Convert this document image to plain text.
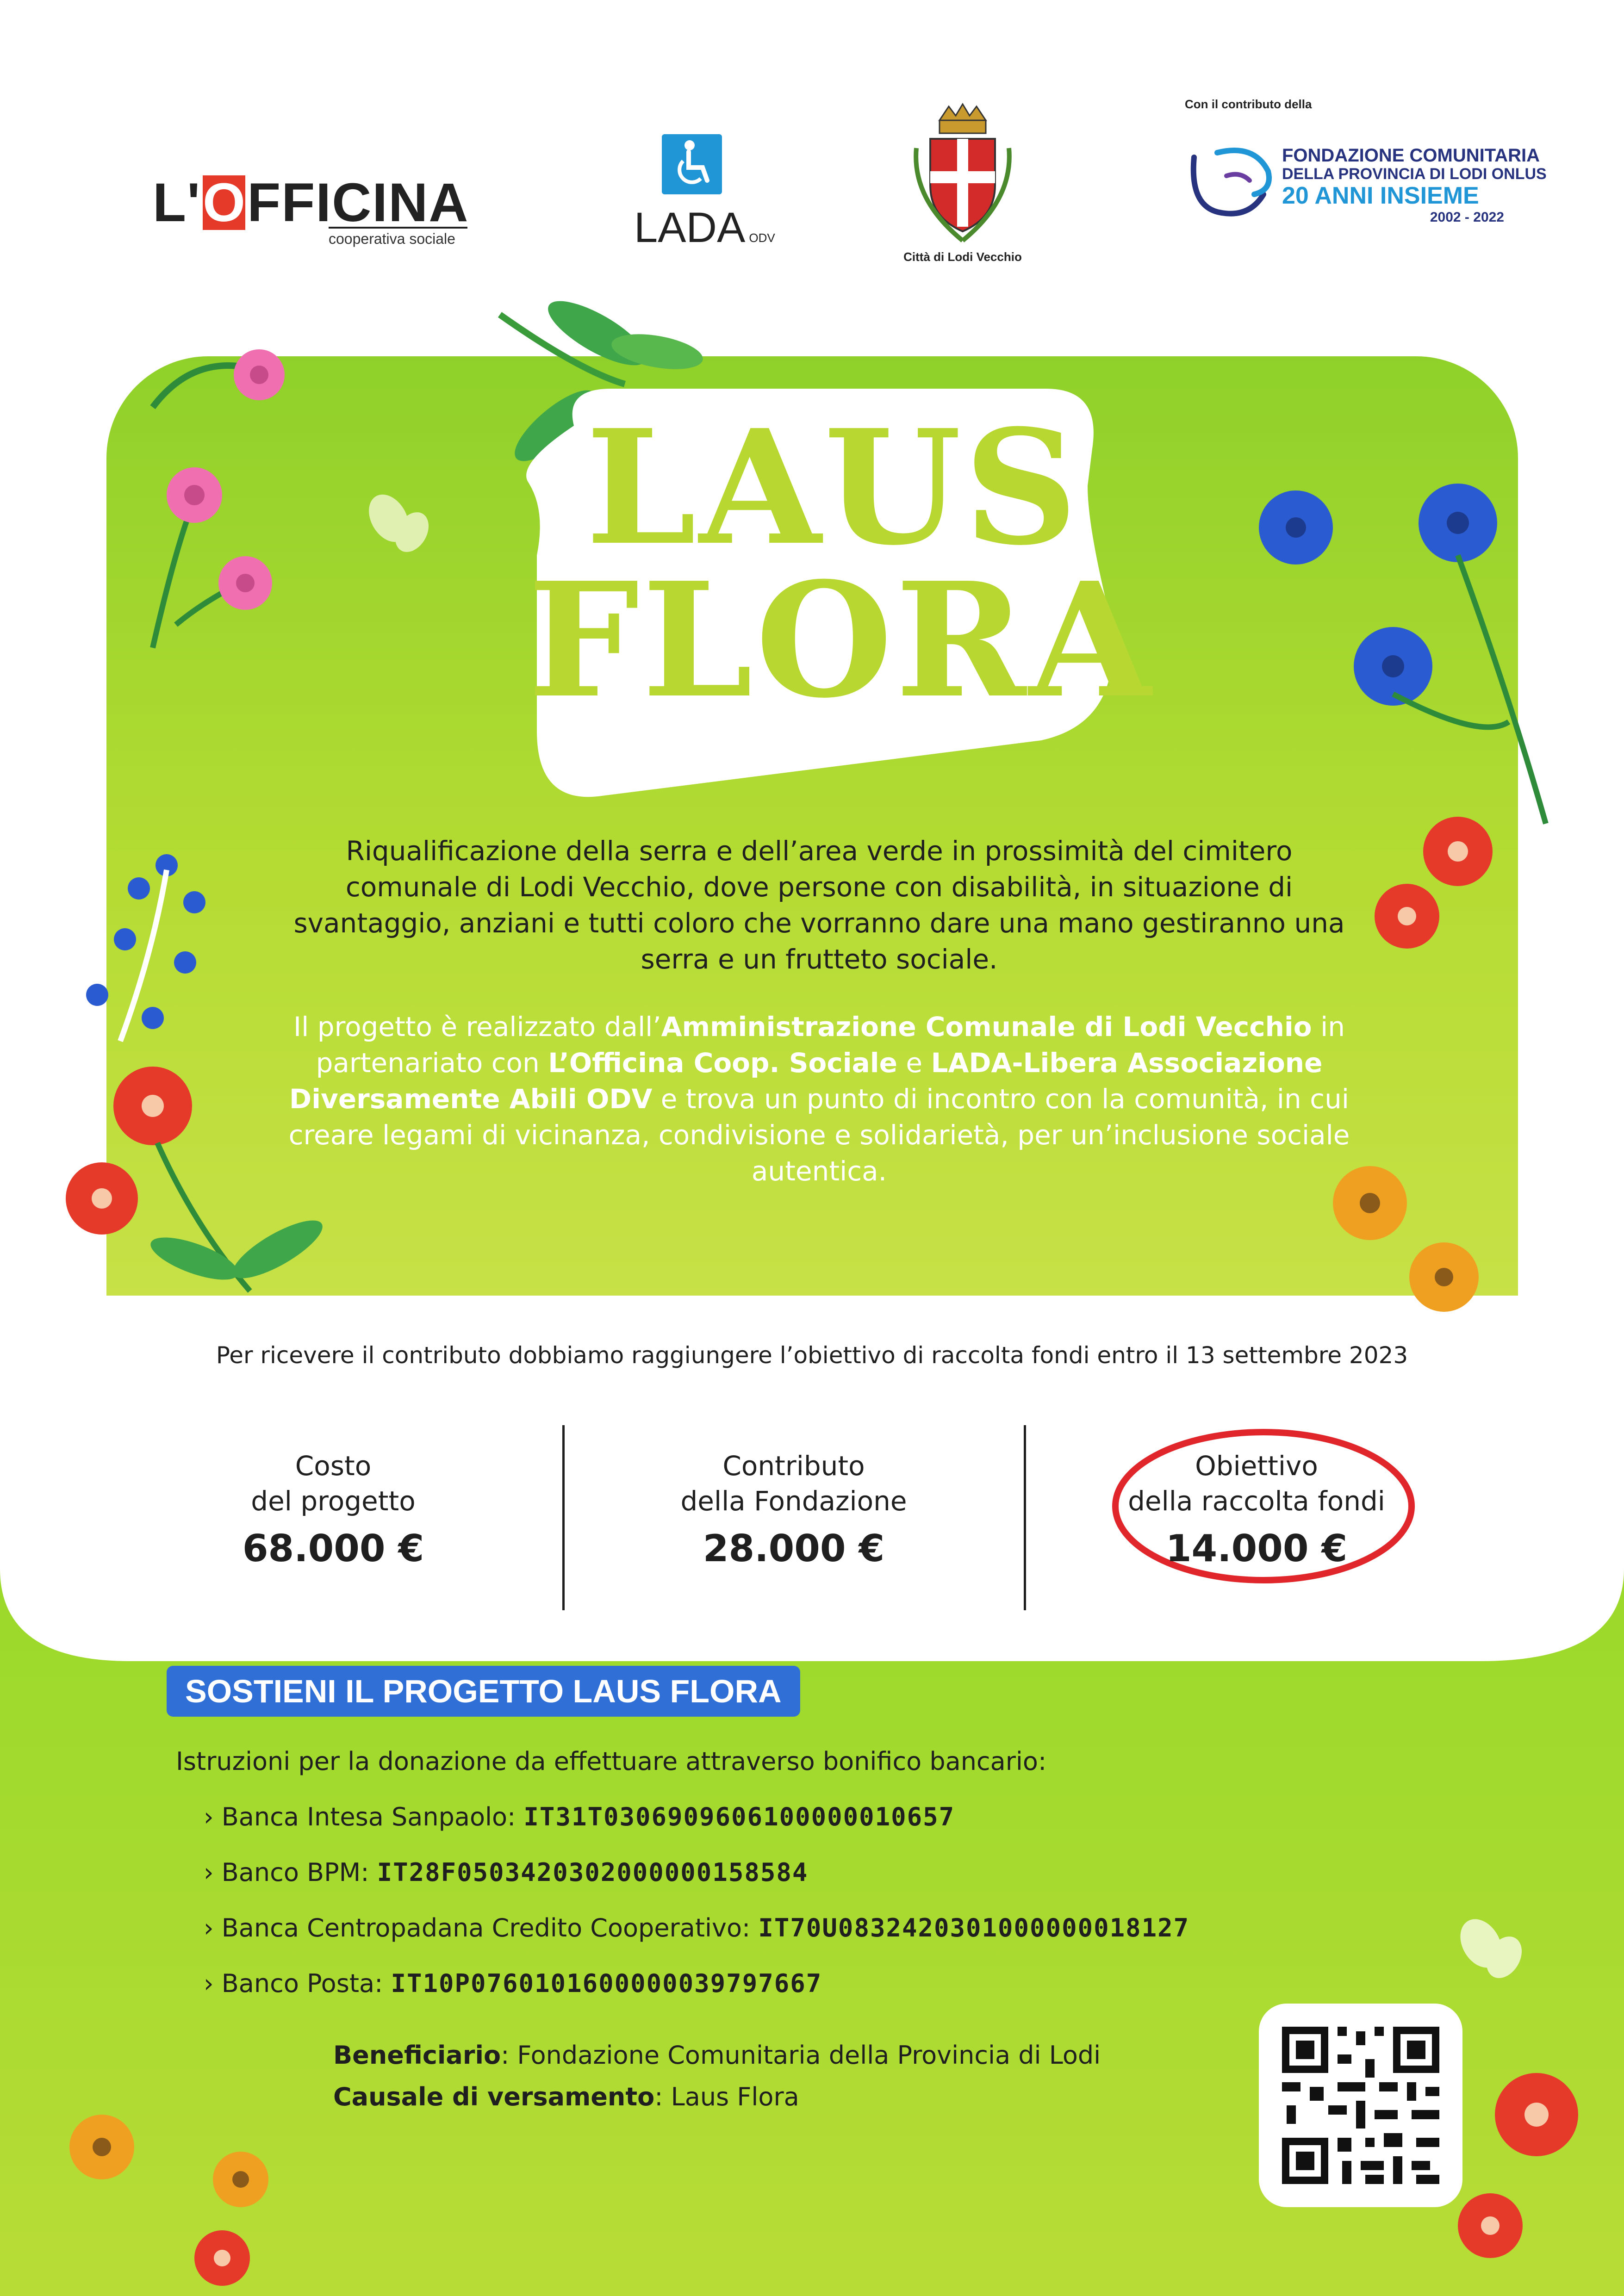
L'OFFICINA
cooperativa sociale	LADA ODV
Città di Lodi Vecchio
Con il contributo della
FONDAZIONE COMUNITARIA
DELLA PROVINCIA DI LODI ONLUS
20 ANNI INSIEME
2002 - 2022
LAUS
FLORA
Riqualificazione della serra e dell’area verde in prossimità del cimitero comunale di Lodi Vecchio, dove persone con disabilità, in situazione di svantaggio, anziani e tutti coloro che vorranno dare una mano gestiranno una serra e un frutteto sociale.
Il progetto è realizzato dall’Amministrazione Comunale di Lodi Vecchio in partenariato con L’Officina Coop. Sociale e LADA-Libera Associazione Diversamente Abili ODV e trova un punto di incontro con la comunità, in cui creare legami di vicinanza, condivisione e solidarietà, per un’inclusione sociale autentica.
Per ricevere il contributo dobbiamo raggiungere l’obiettivo di raccolta fondi entro il 13 settembre 2023
Costo
del progetto
68.000 €
Contributo
della Fondazione
28.000 €
Obiettivo
della raccolta fondi
14.000 €
SOSTIENI IL PROGETTO LAUS FLORA
Istruzioni per la donazione da effettuare attraverso bonifico bancario:
› Banca Intesa Sanpaolo: IT31T0306909606100000010657
› Banco BPM: IT28F0503420302000000158584
› Banca Centropadana Credito Cooperativo: IT70U0832420301000000018127
› Banco Posta: IT10P0760101600000039797667
Beneficiario: Fondazione Comunitaria della Provincia di Lodi
Causale di versamento: Laus Flora
